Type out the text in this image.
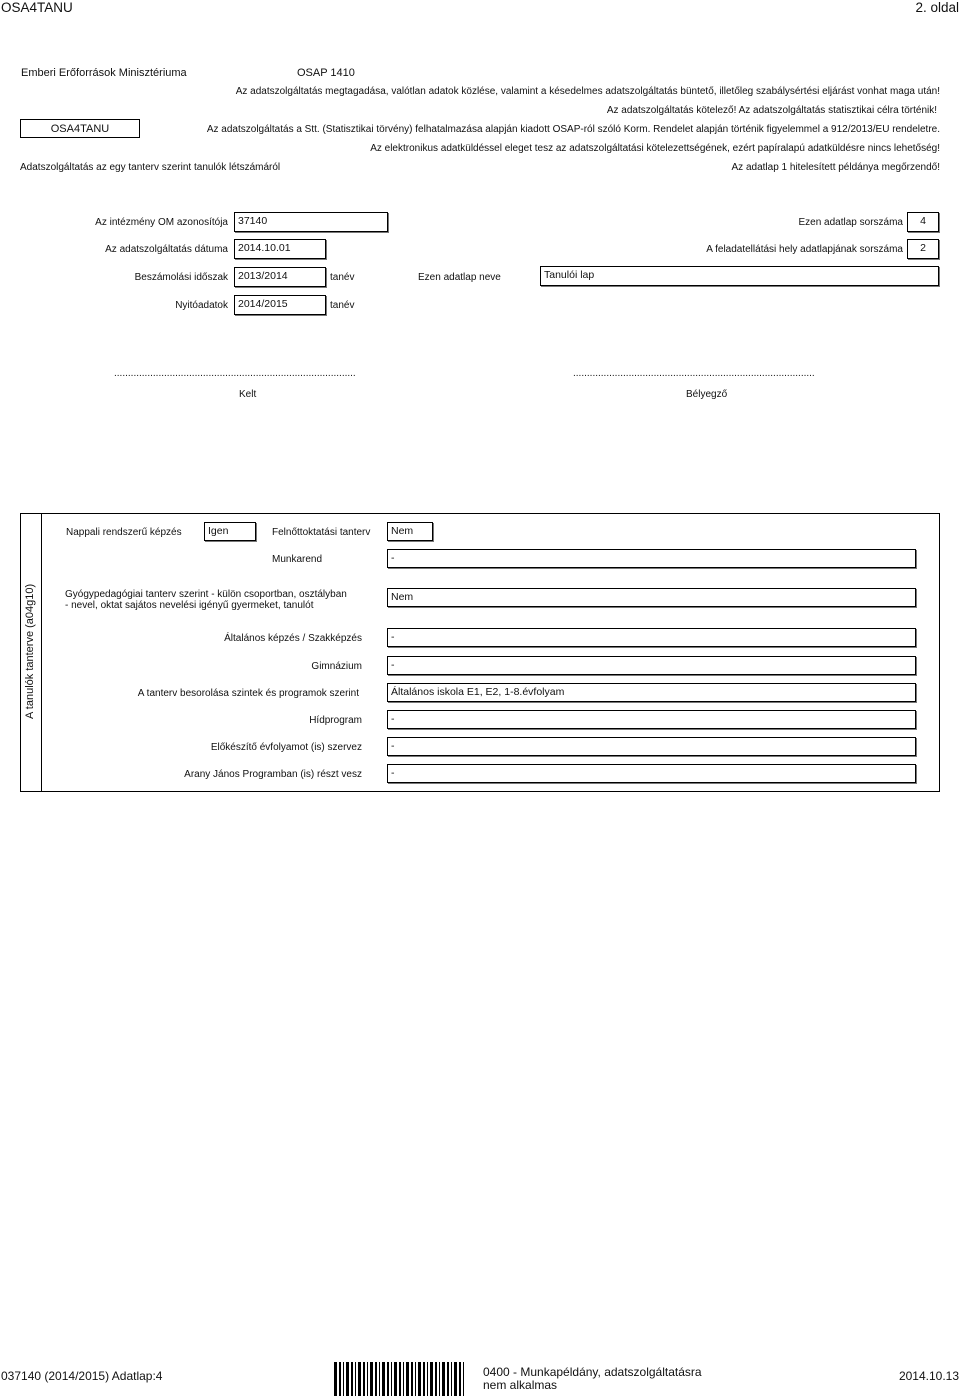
OSA4TANU	2. oldal
Emberi Erőforrások Minisztériuma	OSAP 1410
Az adatszolgáltatás megtagadása, valótlan adatok közlése, valamint a késedelmes adatszolgáltatás büntető, illetőleg szabálysértési eljárást vonhat maga után!
Az adatszolgáltatás kötelező! Az adatszolgáltatás statisztikai célra történik!
OSA4TANU	Az adatszolgáltatás a Stt. (Statisztikai törvény) felhatalmazása alapján kiadott OSAP-ról szóló Korm. Rendelet alapján történik figyelemmel a 912/2013/EU rendeletre.
Az elektronikus adatküldéssel eleget tesz az adatszolgáltatási kötelezettségének, ezért papíralapú adatküldésre nincs lehetőség!
Adatszolgáltatás az egy tanterv szerint tanulók létszámáról	Az adatlap 1 hitelesített példánya megőrzendő!
Az intézmény OM azonosítója 37140	Ezen adatlap sorszáma	4
Az adatszolgáltatás dátuma 2014.10.01	A feladatellátási hely adatlapjának sorszáma	2
Beszámolási időszak 2013/2014	tanév	Ezen adatlap neve	Tanulói lap
Nyitóadatok 2014/2015	tanév
.......................................................................................
Kelt
.......................................................................................
Bélyegző
A tanulók tanterve (a04g10)
Nappali rendszerű képzés	Igen	Felnőttoktatási tanterv	Nem
Munkarend	-
Gyógypedagógiai tanterv szerint - külön csoportban, osztályban
- nevel, oktat sajátos nevelési igényű gyermeket, tanulót
Nem
Általános képzés / Szakképzés	-
Gimnázium	-
A tanterv besorolása szintek és programok szerint	Általános iskola E1, E2, 1-8.évfolyam
Hídprogram	-
Előkészítő évfolyamot (is) szervez	-
Arany János Programban (is) részt vesz	-
037140 (2014/2015) Adatlap:4	0400 - Munkapéldány, adatszolgáltatásra
nem alkalmas
2014.10.13
